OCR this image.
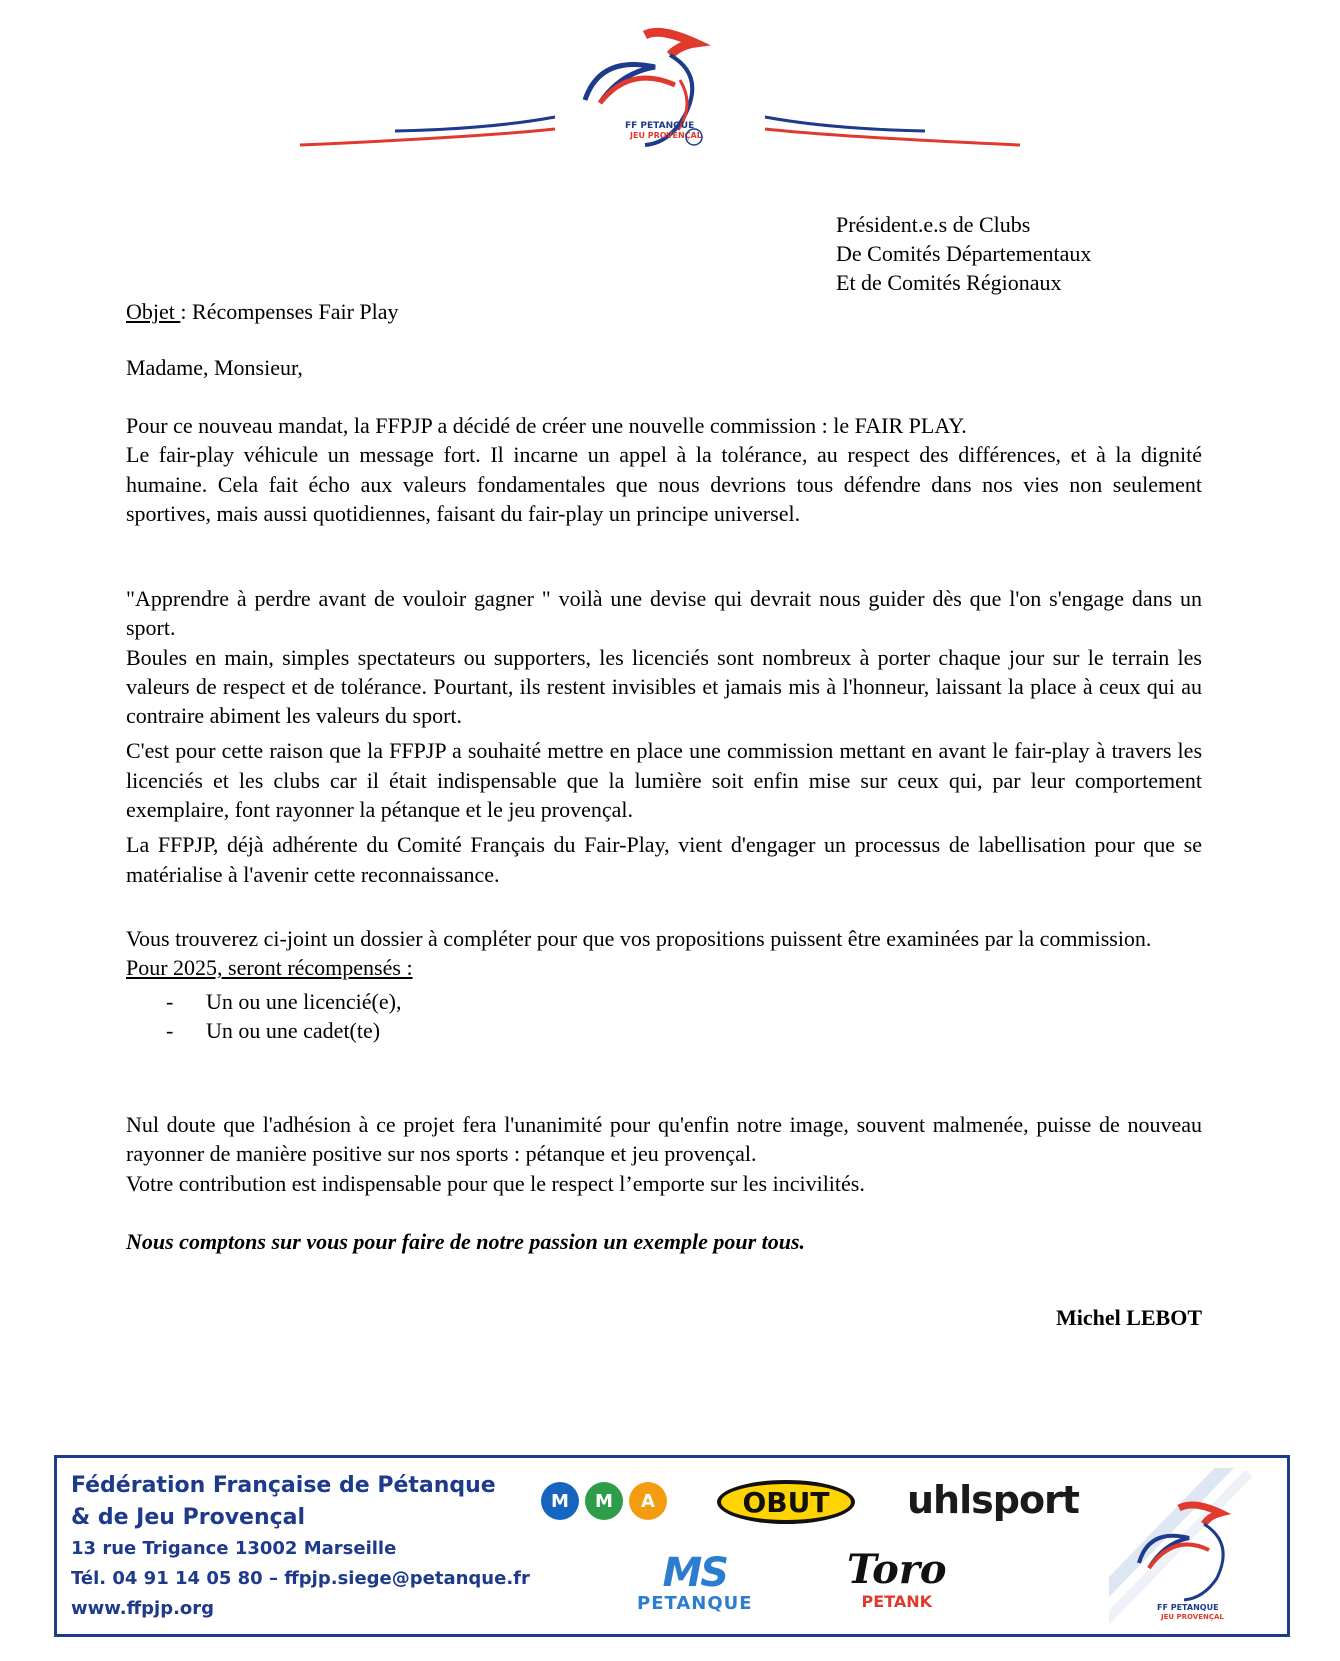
FF PETANQUE
JEU PROVENÇAL
Président.e.s de Clubs
De Comités Départementaux
Et de Comités Régionaux
Objet : Récompenses Fair Play
Madame, Monsieur,

Pour ce nouveau mandat, la FFPJP a décidé de créer une nouvelle commission : le FAIR PLAY.

Le fair-play véhicule un message fort. Il incarne un appel à la tolérance, au respect des différences, et à la dignité humaine. Cela fait écho aux valeurs fondamentales que nous devrions tous défendre dans nos vies non seulement sportives, mais aussi quotidiennes, faisant du fair-play un principe universel.

"Apprendre à perdre avant de vouloir gagner " voilà une devise qui devrait nous guider dès que l'on s'engage dans un sport.

Boules en main, simples spectateurs ou supporters, les licenciés sont nombreux à porter chaque jour sur le terrain les valeurs de respect et de tolérance. Pourtant, ils restent invisibles et jamais mis à l'honneur, laissant la place à ceux qui au contraire abiment les valeurs du sport.

C'est pour cette raison que la FFPJP a souhaité mettre en place une commission mettant en avant le fair-play à travers les licenciés et les clubs car il était indispensable que la lumière soit enfin mise sur ceux qui, par leur comportement exemplaire, font rayonner la pétanque et le jeu provençal.

La FFPJP, déjà adhérente du Comité Français du Fair-Play, vient d'engager un processus de labellisation pour que se matérialise à l'avenir cette reconnaissance.

Vous trouverez ci-joint un dossier à compléter pour que vos propositions puissent être examinées par la commission.

Pour 2025, seront récompensés :

- Un ou une licencié(e),
- Un ou une cadet(te)

Nul doute que l'adhésion à ce projet fera l'unanimité pour qu'enfin notre image, souvent malmenée, puisse de nouveau rayonner de manière positive sur nos sports : pétanque et jeu provençal.

Votre contribution est indispensable pour que le respect l’emporte sur les incivilités.

Nous comptons sur vous pour faire de notre passion un exemple pour tous.
Michel LEBOT
Fédération Française de Pétanque
& de Jeu Provençal
13 rue Trigance 13002 Marseille
Tél. 04 91 14 05 80 – ffpjp.siege@petanque.fr
www.ffpjp.org
M	M	A	OBUT	uhlsport
MS
PETANQUE
Toro
PETANK	FF PETANQUE
JEU PROVENÇAL
